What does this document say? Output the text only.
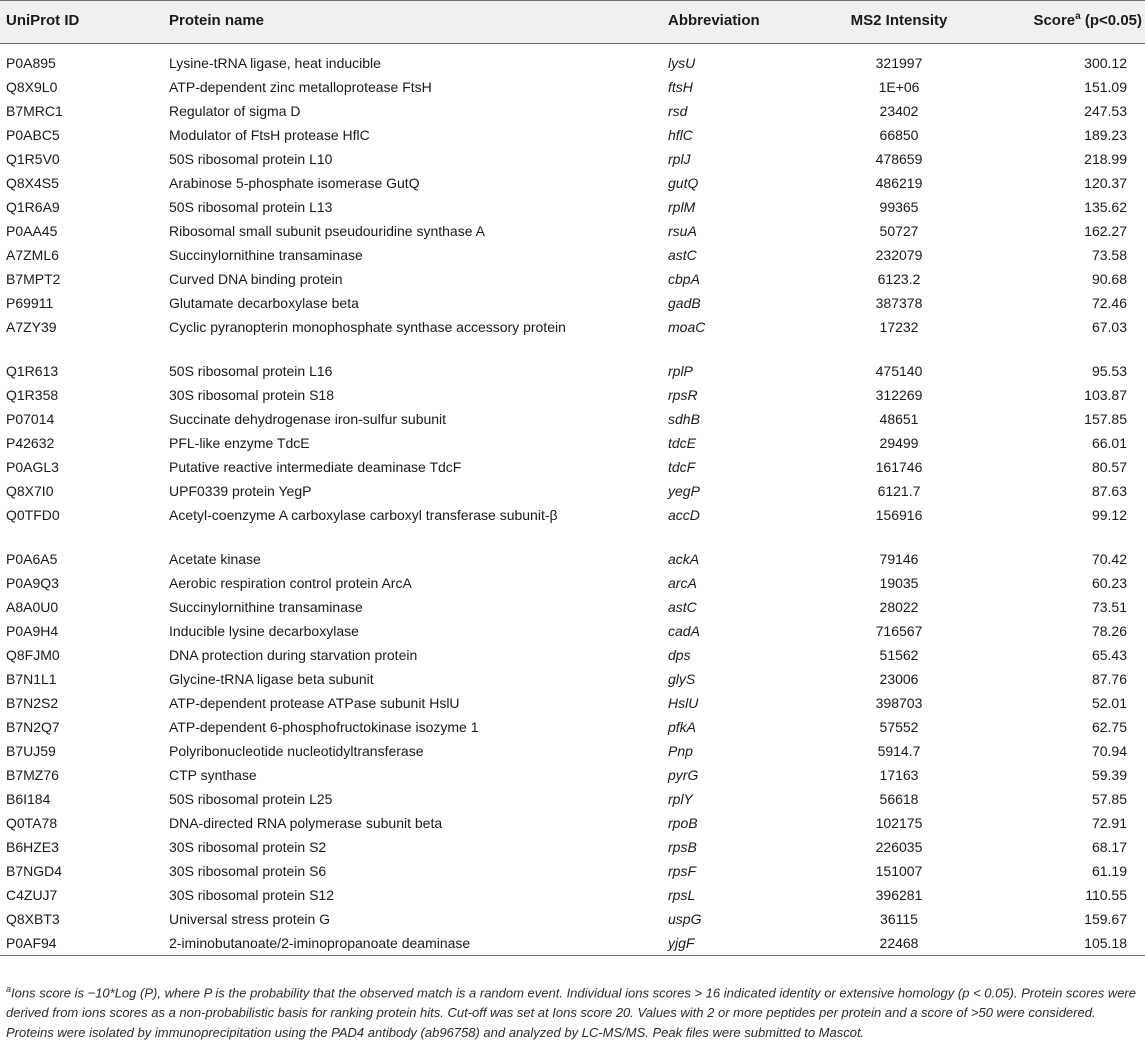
UniProt ID	Protein name	Abbreviation	MS2 Intensity	Score$^a$ (p<0.05)
P0A895	Lysine-tRNA ligase, heat inducible	lysU	321997	300.12
Q8X9L0	ATP-dependent zinc metalloprotease FtsH	ftsH	1E+06	151.09
B7MRC1	Regulator of sigma D	rsd	23402	247.53
P0ABC5	Modulator of FtsH protease HflC	hflC	66850	189.23
Q1R5V0	50S ribosomal protein L10	rplJ	478659	218.99
Q8X4S5	Arabinose 5-phosphate isomerase GutQ	gutQ	486219	120.37
Q1R6A9	50S ribosomal protein L13	rplM	99365	135.62
P0AA45	Ribosomal small subunit pseudouridine synthase A	rsuA	50727	162.27
A7ZML6	Succinylornithine transaminase	astC	232079	73.58
B7MPT2	Curved DNA binding protein	cbpA	6123.2	90.68
P69911	Glutamate decarboxylase beta	gadB	387378	72.46
A7ZY39	Cyclic pyranopterin monophosphate synthase accessory protein	moaC	17232	67.03
Q1R613	50S ribosomal protein L16	rplP	475140	95.53
Q1R358	30S ribosomal protein S18	rpsR	312269	103.87
P07014	Succinate dehydrogenase iron-sulfur subunit	sdhB	48651	157.85
P42632	PFL-like enzyme TdcE	tdcE	29499	66.01
P0AGL3	Putative reactive intermediate deaminase TdcF	tdcF	161746	80.57
Q8X7I0	UPF0339 protein YegP	yegP	6121.7	87.63
Q0TFD0	Acetyl-coenzyme A carboxylase carboxyl transferase subunit-β	accD	156916	99.12
P0A6A5	Acetate kinase	ackA	79146	70.42
P0A9Q3	Aerobic respiration control protein ArcA	arcA	19035	60.23
A8A0U0	Succinylornithine transaminase	astC	28022	73.51
P0A9H4	Inducible lysine decarboxylase	cadA	716567	78.26
Q8FJM0	DNA protection during starvation protein	dps	51562	65.43
B7N1L1	Glycine-tRNA ligase beta subunit	glyS	23006	87.76
B7N2S2	ATP-dependent protease ATPase subunit HslU	HslU	398703	52.01
B7N2Q7	ATP-dependent 6-phosphofructokinase isozyme 1	pfkA	57552	62.75
B7UJ59	Polyribonucleotide nucleotidyltransferase	Pnp	5914.7	70.94
B7MZ76	CTP synthase	pyrG	17163	59.39
B6I184	50S ribosomal protein L25	rplY	56618	57.85
Q0TA78	DNA-directed RNA polymerase subunit beta	rpoB	102175	72.91
B6HZE3	30S ribosomal protein S2	rpsB	226035	68.17
B7NGD4	30S ribosomal protein S6	rpsF	151007	61.19
C4ZUJ7	30S ribosomal protein S12	rpsL	396281	110.55
Q8XBT3	Universal stress protein G	uspG	36115	159.67
P0AF94	2-iminobutanoate/2-iminopropanoate deaminase	yjgF	22468	105.18

$^a$Ions score is −10*Log (P), where P is the probability that the observed match is a random event. Individual ions scores > 16 indicated identity or extensive homology (p < 0.05). Protein scores were derived from ions scores as a non-probabilistic basis for ranking protein hits. Cut-off was set at Ions score 20. Values with 2 or more peptides per protein and a score of >50 were considered.

Proteins were isolated by immunoprecipitation using the PAD4 antibody (ab96758) and analyzed by LC-MS/MS. Peak files were submitted to Mascot.
